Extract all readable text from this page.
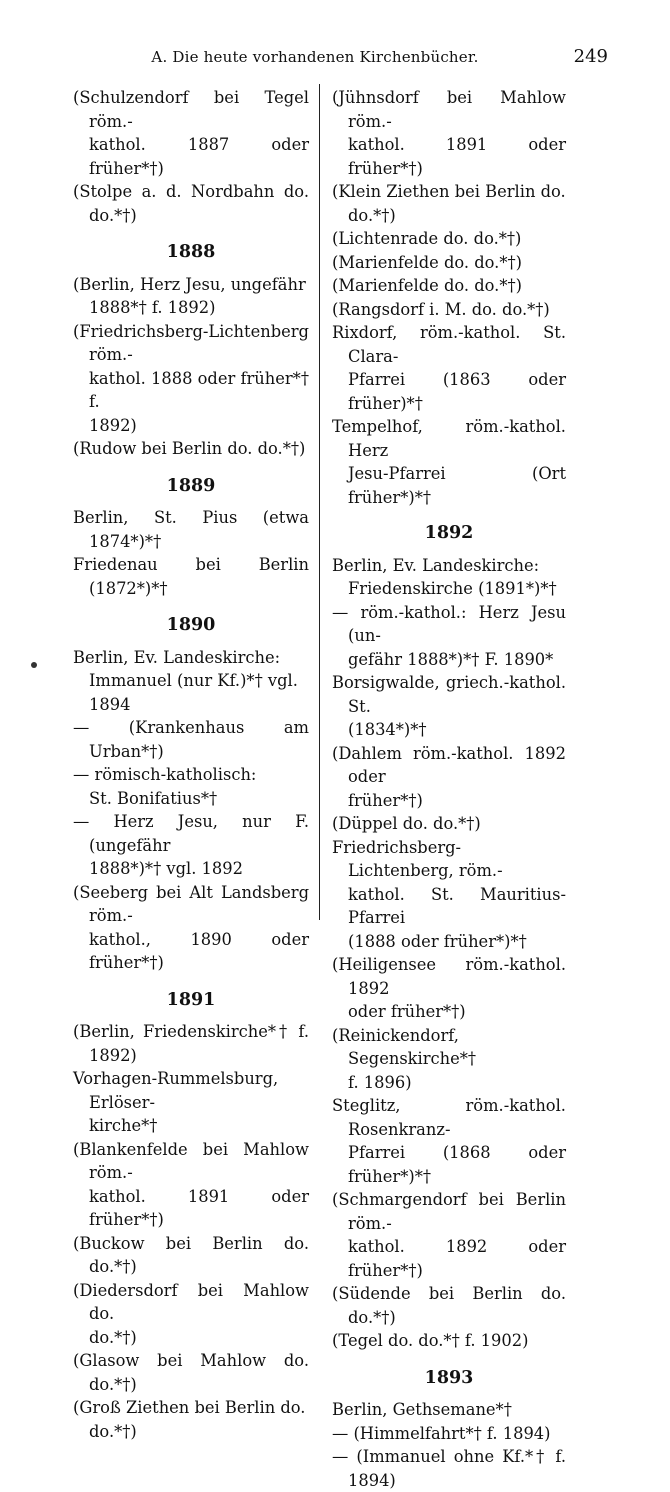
A. Die heute vorhandenen Kirchenbücher.	249
(Schulzendorf bei Tegel röm.-
kathol. 1887 oder früher*†)
(Stolpe a. d. Nordbahn do. do.*†)
1888
(Berlin, Herz Jesu, ungefähr
1888*† f. 1892)
(Friedrichsberg-Lichtenberg röm.-
kathol. 1888 oder früher*† f.
1892)
(Rudow bei Berlin do. do.*†)
1889
Berlin, St. Pius (etwa 1874*)*†
Friedenau bei Berlin (1872*)*†
1890
Berlin, Ev. Landeskirche:
Immanuel (nur Kf.)*† vgl.
1894
— (Krankenhaus am Urban*†)
— römisch-katholisch:
St. Bonifatius*†
— Herz Jesu, nur F. (ungefähr
1888*)*† vgl. 1892
(Seeberg bei Alt Landsberg röm.-
kathol., 1890 oder früher*†)
1891
(Berlin, Friedenskirche*† f. 1892)
Vorhagen-Rummelsburg, Erlöser-
kirche*†
(Blankenfelde bei Mahlow röm.-
kathol. 1891 oder früher*†)
(Buckow bei Berlin do. do.*†)
(Diedersdorf bei Mahlow do.
do.*†)
(Glasow bei Mahlow do. do.*†)
(Groß Ziethen bei Berlin do.
do.*†)
(Jühnsdorf bei Mahlow röm.-
kathol. 1891 oder früher*†)
(Klein Ziethen bei Berlin do.
do.*†)
(Lichtenrade do. do.*†)
(Marienfelde do. do.*†)
(Marienfelde do. do.*†)
(Rangsdorf i. M. do. do.*†)
Rixdorf, röm.-kathol. St. Clara-
Pfarrei (1863 oder früher)*†
Tempelhof, röm.-kathol. Herz
Jesu-Pfarrei (Ort früher*)*†
1892
Berlin, Ev. Landeskirche:
Friedenskirche (1891*)*†
— röm.-kathol.: Herz Jesu (un-
gefähr 1888*)*† F. 1890*
Borsigwalde, griech.-kathol. St.
(1834*)*†
(Dahlem röm.-kathol. 1892 oder
früher*†)
(Düppel do. do.*†)
Friedrichsberg-Lichtenberg, röm.-
kathol. St. Mauritius-Pfarrei
(1888 oder früher*)*†
(Heiligensee röm.-kathol. 1892
oder früher*†)
(Reinickendorf, Segenskirche*†
f. 1896)
Steglitz, röm.-kathol. Rosenkranz-
Pfarrei (1868 oder früher*)*†
(Schmargendorf bei Berlin röm.-
kathol. 1892 oder früher*†)
(Südende bei Berlin do. do.*†)
(Tegel do. do.*† f. 1902)
1893
Berlin, Gethsemane*†
— (Himmelfahrt*† f. 1894)
— (Immanuel ohne Kf.*† f. 1894)
